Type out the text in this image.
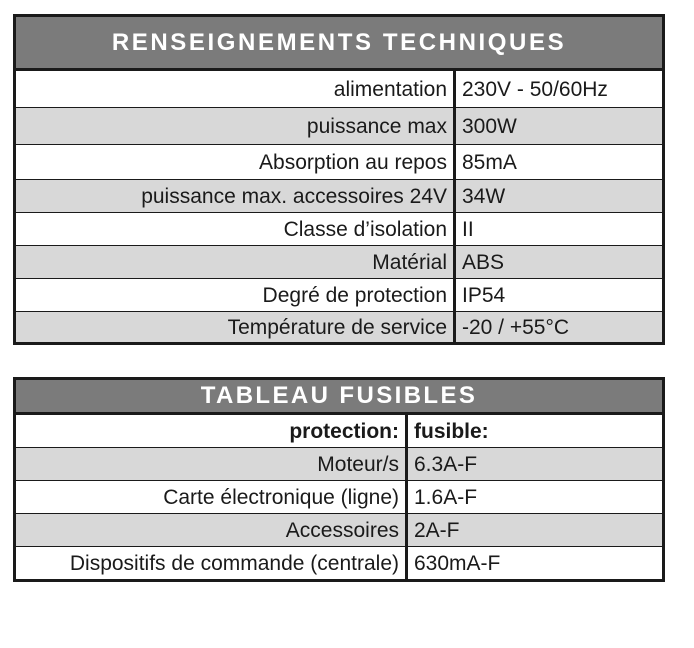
RENSEIGNEMENTS TECHNIQUES	
alimentation	230V - 50/60Hz
puissance max	300W
Absorption au repos	85mA
puissance max. accessoires 24V	34W
Classe d’isolation	II
Matérial	ABS
Degré de protection	IP54
Température de service	-20 / +55°C
TABLEAU FUSIBLES	
protection:	fusible:
Moteur/s	6.3A-F
Carte électronique (ligne)	1.6A-F
Accessoires	2A-F
Dispositifs de commande (centrale)	630mA-F
